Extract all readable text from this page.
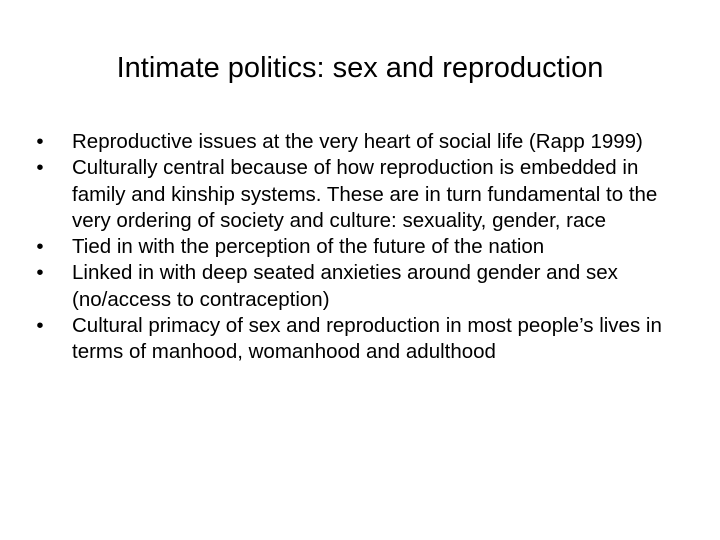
Intimate politics: sex and reproduction
• Reproductive issues at the very heart of social life (Rapp 1999)
• Culturally central because of how reproduction is embedded in family and kinship systems. These are in turn fundamental to the very ordering of society and culture: sexuality, gender, race
• Tied in with the perception of the future of the nation
• Linked in with deep seated anxieties around gender and sex (no/access to contraception)
• Cultural primacy of sex and reproduction in most people’s lives in terms of manhood, womanhood and adulthood
